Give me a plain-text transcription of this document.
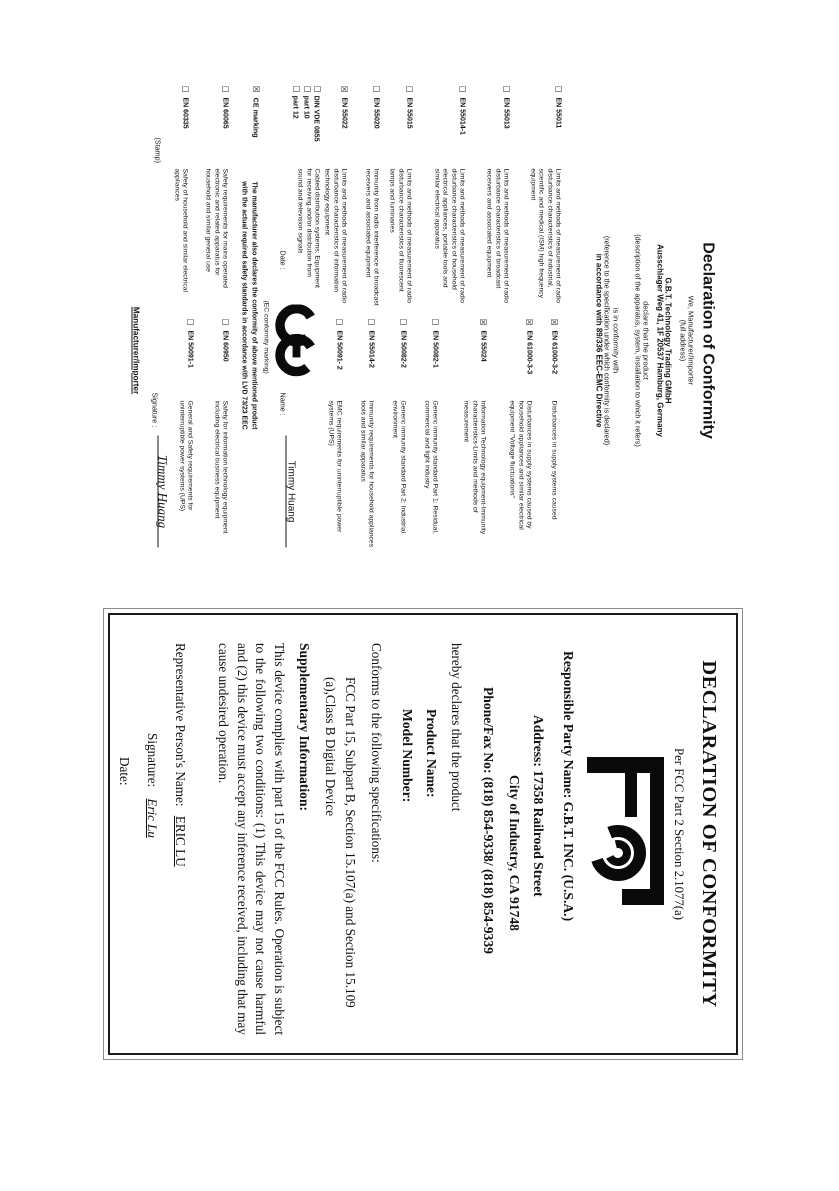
Declaration of Conformity
We, Manufacturer/Importer
(full address)
G.B.T. Technology Trading GMbH
Ausschlager Weg 41, 1F 20537 Hamburg, Germany
declare that the product
(description of the apparatus, system, installation to which it refers)
is in conformity with
(reference to the specification under which conformity is declared)
in accordance with 89/336 EEC-EMC Directive
☐
EN 55011
Limits and methods of measurement of radio disturbance characteristics of industrial, scientific and medical (ISM) high frequency equipment
☐
EN 55013
Limits and methods of measurement of radio disturbance characteristics of broadcast receivers and associated equipment
☐
EN 55014-1
Limits and methods of measurement of radio disturbance characteristics of household electrical appliances, portable tools and similar electrical apparatus
☐
EN 55015
Limits and methods of measurement of radio disturbance characteristics of fluorescent lamps and luminaries
☐
EN 55020
Immunity from radio interference of broadcast receivers and associated equipment
☒
EN 55022
Limits and methods of measurement of radio disturbance characteristics of information technology equipment
☒
EN 61000-3-2
Disturbances in supply systems caused
☒
EN 61000-3-3
Disturbances in supply systems caused by household appliances and similar electrical equipment "Voltage fluctuations"
☒
EN 55024
Information Technology equipment-Immunity characteristics-Limits and methods of measurement
☐
EN 50082-1
Generic immunity standard Part 1: Residual, commercial and light industry
☐
EN 50082-2
Generic immunity standard Part 2: Industrial environment
☐
EN 55014-2
Immunity requirements for household appliances tools and similar apparatus
☐
EN 50091- 2
EMC requirements for uninterruptible power systems (UPS)
☐DIN VDE 0855
☐part 10
☐part 12
Cabled distribution systems; Equipment for receiving and/or distribution from sound and television signals
Date :
Name :
Timmy Huang
(EC conformity marking)
☒ CE marking
The manufacturer also declares the conformity of above mentioned product
with the actual required safety standards in accordance with LVD 73/23 EEC
☐
EN 60065
Safety requirements for mains operated electronic and related apparatus for household and similar general use
☐
EN 60335
Safety of household and similar electrical appliances
☐
EN 60950
Safety for information technology equipment including electrical business equipment
☐
EN 50091-1
General and Safety requirements for uninterruptible power systems (UPS)
(Stamp)
Signature :
Timmy Huang
Manufacturer/Importer
DECLARATION OF CONFORMITY
Per FCC Part 2 Section 2.1077(a)
Responsible Party Name: G.B.T. INC. (U.S.A.)
Address: 17358 Railroad Street
City of Industry, CA 91748
Phone/Fax No: (818) 854-9338/ (818) 854-9339
hereby declares that the product
Product Name:
Model Number:
Conforms to the following specifications:
FCC Part 15, Subpart B, Section 15.107(a) and Section 15.109
(a),Class B Digital Device
Supplementary Information:
This device complies with part 15 of the FCC Rules. Operation is subject to the following two conditions: (1) This device may not cause harmful and (2) this device must accept any inference received, including that may cause undesired operation.
Representative Person's Name: ERIC LU
Signature: Eric Lu
Date:
